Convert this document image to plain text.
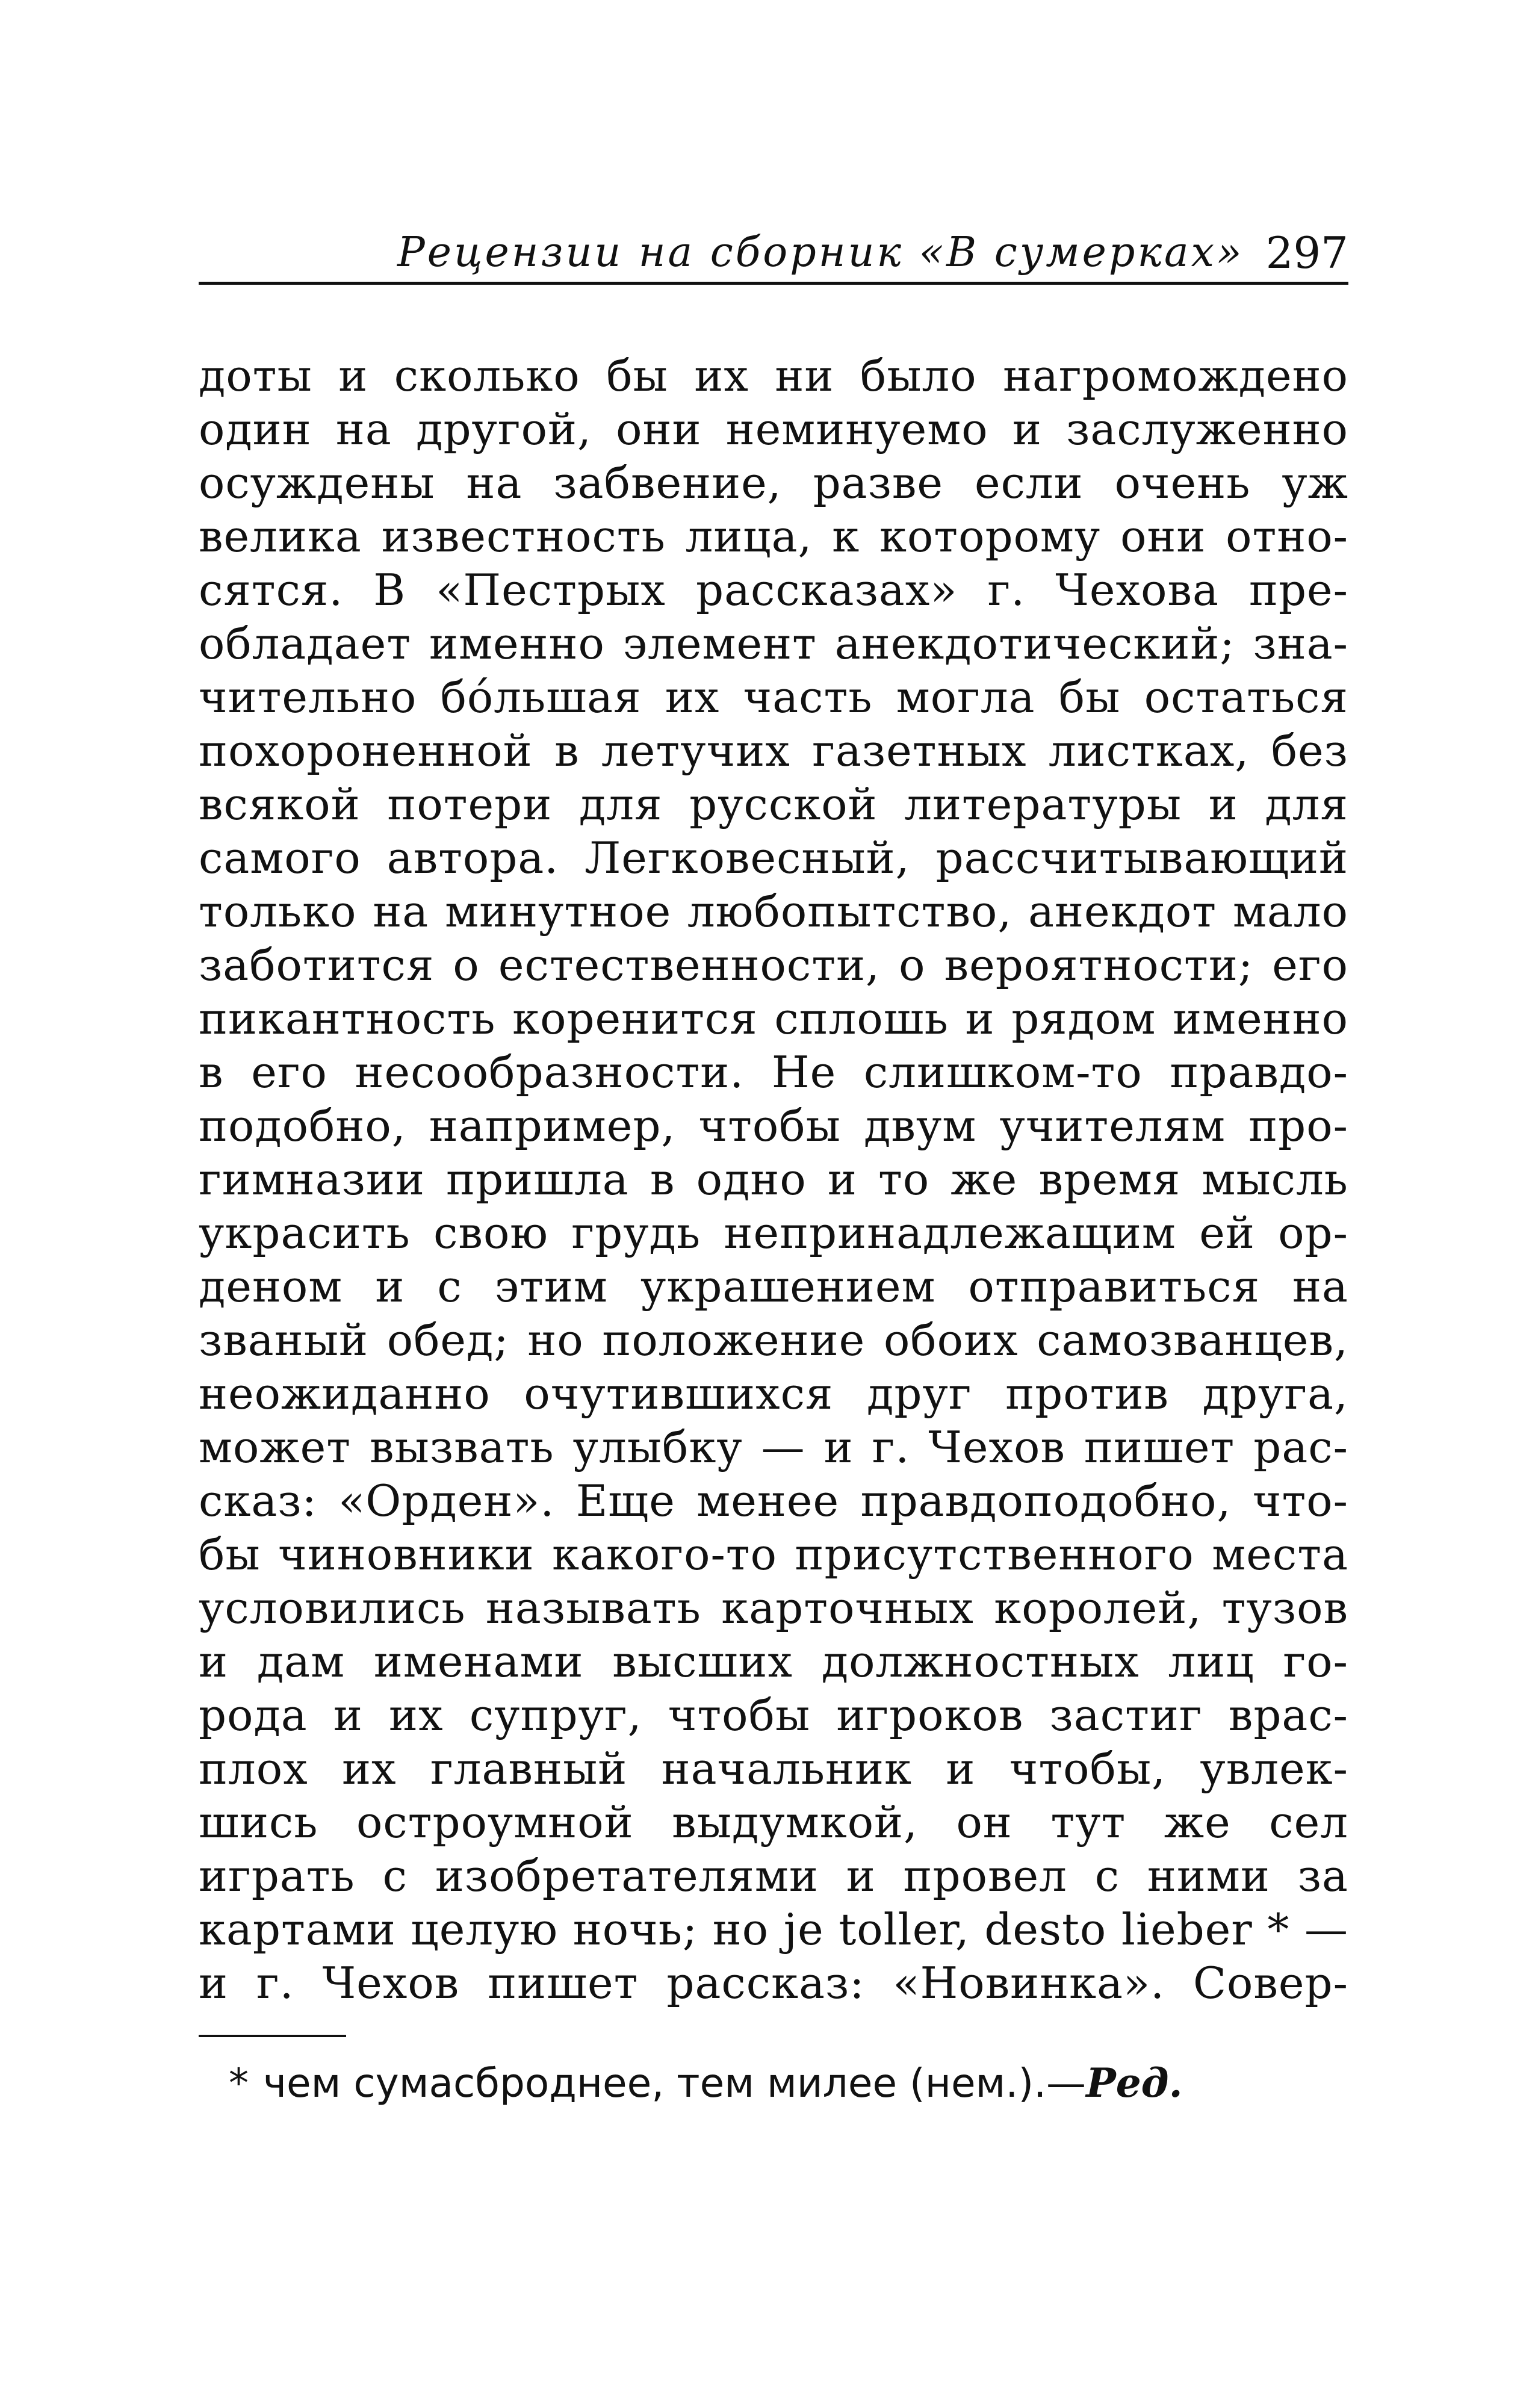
Рецензии на сборник «В сумерках» 297
доты и сколько бы их ни было нагромождено
один на другой, они неминуемо и заслуженно
осуждены на забвение, разве если очень уж
велика известность лица, к которому они отно-
сятся. В «Пестрых рассказах» г. Чехова пре-
обладает именно элемент анекдотический; зна-
чительно бо́льшая их часть могла бы остаться
похороненной в летучих газетных листках, без
всякой потери для русской литературы и для
самого автора. Легковесный, рассчитывающий
только на минутное любопытство, анекдот мало
заботится о естественности, о вероятности; его
пикантность коренится сплошь и рядом именно
в его несообразности. Не слишком-то правдо-
подобно, например, чтобы двум учителям про-
гимназии пришла в одно и то же время мысль
украсить свою грудь непринадлежащим ей ор-
деном и с этим украшением отправиться на
званый обед; но положение обоих самозванцев,
неожиданно очутившихся друг против друга,
может вызвать улыбку — и г. Чехов пишет рас-
сказ: «Орден». Еще менее правдоподобно, что-
бы чиновники какого-то присутственного места
условились называть карточных королей, тузов
и дам именами высших должностных лиц го-
рода и их супруг, чтобы игроков застиг врас-
плох их главный начальник и чтобы, увлек-
шись остроумной выдумкой, он тут же сел
играть с изобретателями и провел с ними за
картами целую ночь; но je toller, desto lieber * —
и г. Чехов пишет рассказ: «Новинка». Совер-
* чем сумасброднее, тем милее (нем.).—Ред.
